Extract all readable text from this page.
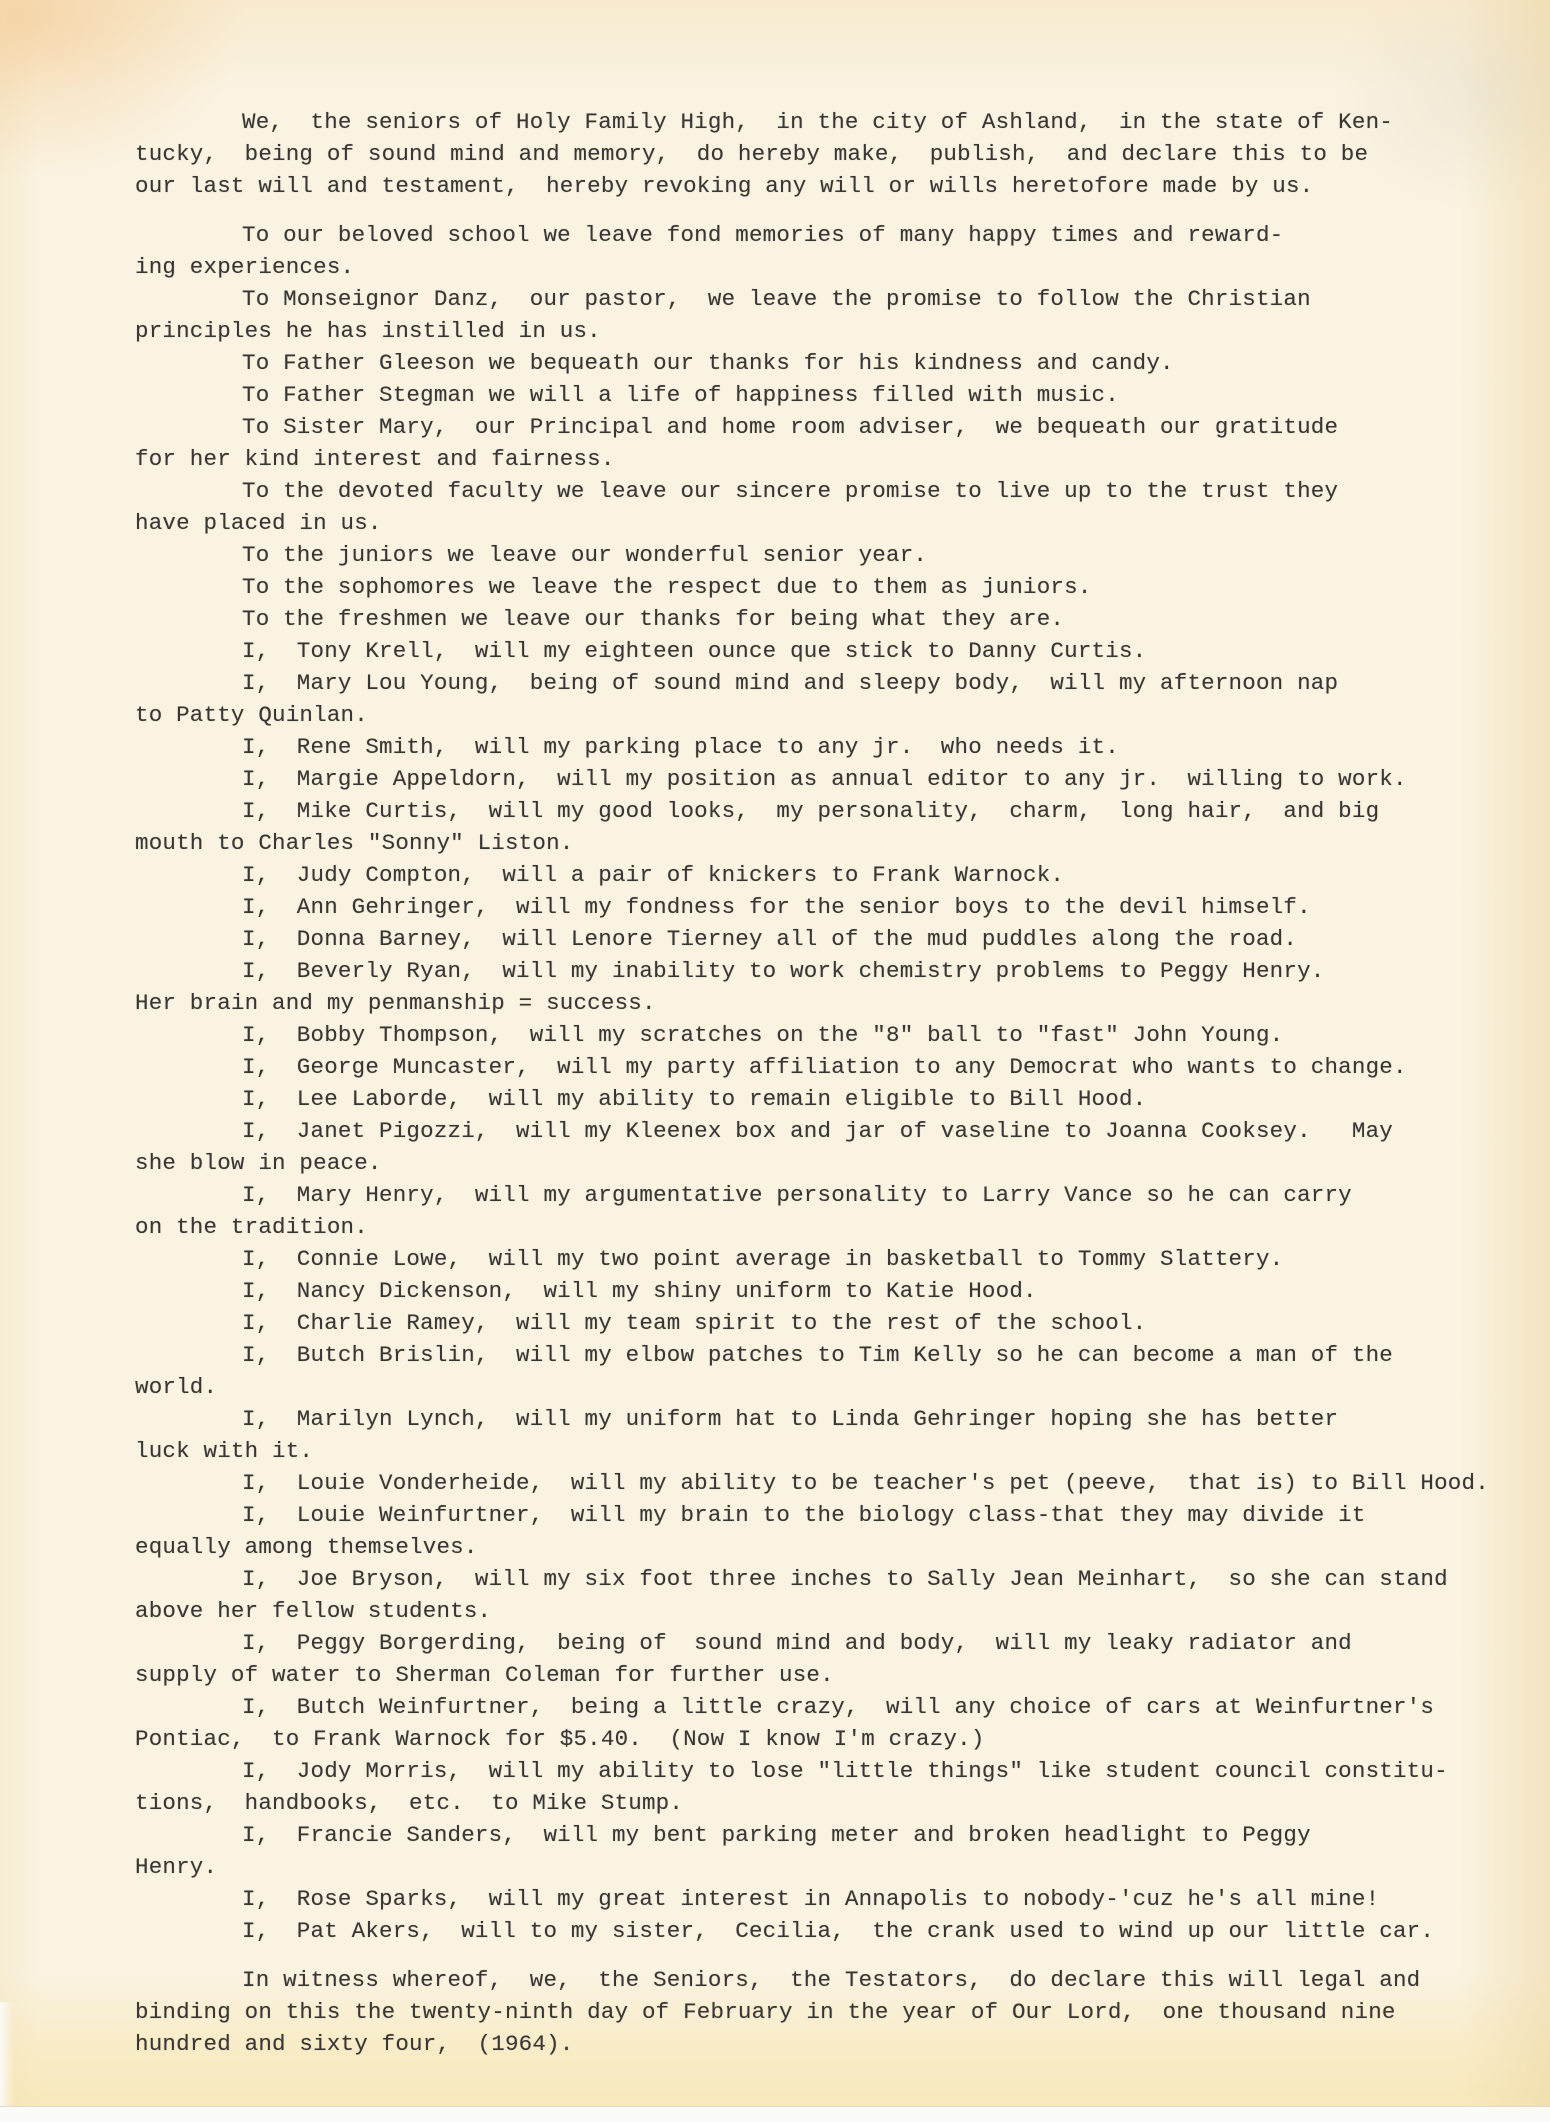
We,  the seniors of Holy Family High,  in the city of Ashland,  in the state of Ken-
tucky,  being of sound mind and memory,  do hereby make,  publish,  and declare this to be
our last will and testament,  hereby revoking any will or wills heretofore made by us.
To our beloved school we leave fond memories of many happy times and reward-
ing experiences.
To Monseignor Danz,  our pastor,  we leave the promise to follow the Christian
principles he has instilled in us.
To Father Gleeson we bequeath our thanks for his kindness and candy.
To Father Stegman we will a life of happiness filled with music.
To Sister Mary,  our Principal and home room adviser,  we bequeath our gratitude
for her kind interest and fairness.
To the devoted faculty we leave our sincere promise to live up to the trust they
have placed in us.
To the juniors we leave our wonderful senior year.
To the sophomores we leave the respect due to them as juniors.
To the freshmen we leave our thanks for being what they are.
I,  Tony Krell,  will my eighteen ounce que stick to Danny Curtis.
I,  Mary Lou Young,  being of sound mind and sleepy body,  will my afternoon nap
to Patty Quinlan.
I,  Rene Smith,  will my parking place to any jr.  who needs it.
I,  Margie Appeldorn,  will my position as annual editor to any jr.  willing to work.
I,  Mike Curtis,  will my good looks,  my personality,  charm,  long hair,  and big
mouth to Charles "Sonny" Liston.
I,  Judy Compton,  will a pair of knickers to Frank Warnock.
I,  Ann Gehringer,  will my fondness for the senior boys to the devil himself.
I,  Donna Barney,  will Lenore Tierney all of the mud puddles along the road.
I,  Beverly Ryan,  will my inability to work chemistry problems to Peggy Henry.
Her brain and my penmanship = success.
I,  Bobby Thompson,  will my scratches on the "8" ball to "fast" John Young.
I,  George Muncaster,  will my party affiliation to any Democrat who wants to change.
I,  Lee Laborde,  will my ability to remain eligible to Bill Hood.
I,  Janet Pigozzi,  will my Kleenex box and jar of vaseline to Joanna Cooksey.   May
she blow in peace.
I,  Mary Henry,  will my argumentative personality to Larry Vance so he can carry
on the tradition.
I,  Connie Lowe,  will my two point average in basketball to Tommy Slattery.
I,  Nancy Dickenson,  will my shiny uniform to Katie Hood.
I,  Charlie Ramey,  will my team spirit to the rest of the school.
I,  Butch Brislin,  will my elbow patches to Tim Kelly so he can become a man of the
world.
I,  Marilyn Lynch,  will my uniform hat to Linda Gehringer hoping she has better
luck with it.
I,  Louie Vonderheide,  will my ability to be teacher's pet (peeve,  that is) to Bill Hood.
I,  Louie Weinfurtner,  will my brain to the biology class-that they may divide it
equally among themselves.
I,  Joe Bryson,  will my six foot three inches to Sally Jean Meinhart,  so she can stand
above her fellow students.
I,  Peggy Borgerding,  being of  sound mind and body,  will my leaky radiator and
supply of water to Sherman Coleman for further use.
I,  Butch Weinfurtner,  being a little crazy,  will any choice of cars at Weinfurtner's
Pontiac,  to Frank Warnock for $5.40.  (Now I know I'm crazy.)
I,  Jody Morris,  will my ability to lose "little things" like student council constitu-
tions,  handbooks,  etc.  to Mike Stump.
I,  Francie Sanders,  will my bent parking meter and broken headlight to Peggy
Henry.
I,  Rose Sparks,  will my great interest in Annapolis to nobody-'cuz he's all mine!
I,  Pat Akers,  will to my sister,  Cecilia,  the crank used to wind up our little car.
In witness whereof,  we,  the Seniors,  the Testators,  do declare this will legal and
binding on this the twenty-ninth day of February in the year of Our Lord,  one thousand nine
hundred and sixty four,  (1964).
